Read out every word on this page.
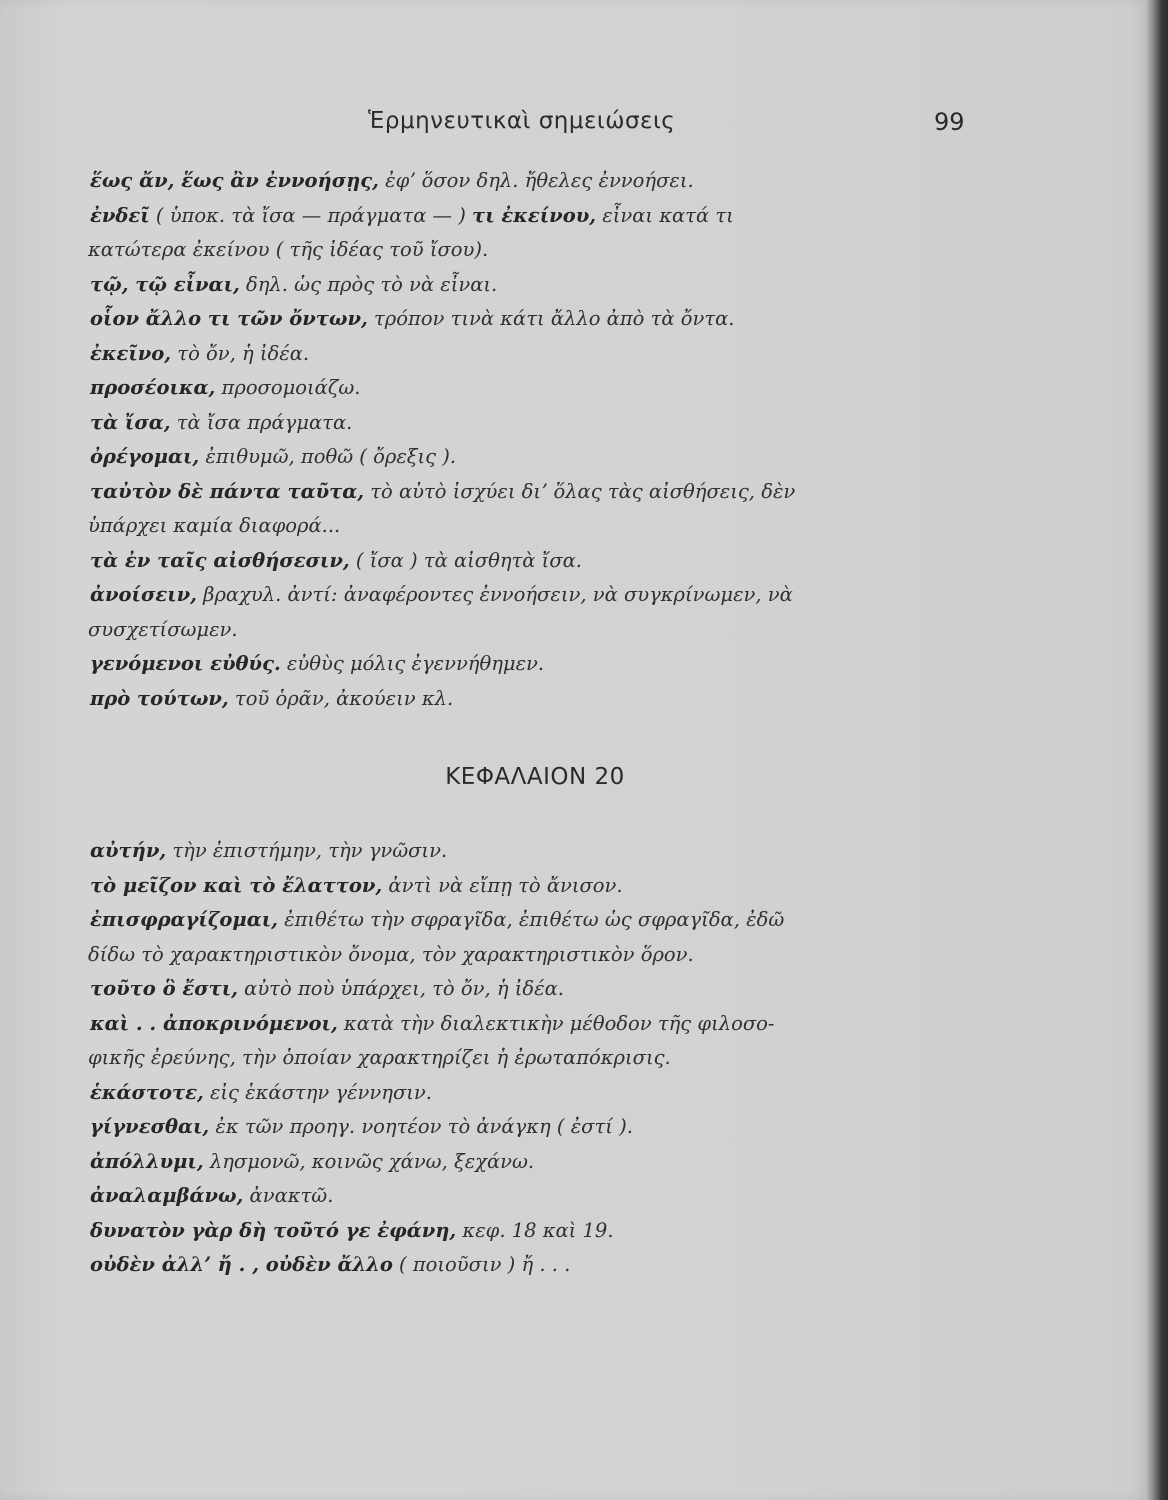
Ἑρμηνευτικαὶ σημειώσεις	99
ἕως ἄν, ἕως ἂν ἐννοήσῃς, ἐφʼ ὅσον δηλ. ἤθελες ἐννοήσει.
ἐνδεῖ ( ὑποκ. τὰ ἴσα — πράγματα — ) τι ἐκείνου, εἶναι κατά τι
κατώτερα ἐκείνου ( τῆς ἰδέας τοῦ ἴσου).
τῷ, τῷ εἶναι, δηλ. ὡς πρὸς τὸ νὰ εἶναι.
οἷον ἄλλο τι τῶν ὄντων, τρόπον τινὰ κάτι ἄλλο ἀπὸ τὰ ὄντα.
ἐκεῖνο, τὸ ὄν, ἡ ἰδέα.
προσέοικα, προσομοιάζω.
τὰ ἴσα, τὰ ἴσα πράγματα.
ὀρέγομαι, ἐπιθυμῶ, ποθῶ ( ὄρεξις ).
ταὐτὸν δὲ πάντα ταῦτα, τὸ αὐτὸ ἰσχύει διʼ ὅλας τὰς αἰσθήσεις, δὲν
ὑπάρχει καμία διαφορά...
τὰ ἐν ταῖς αἰσθήσεσιν, ( ἴσα ) τὰ αἰσθητὰ ἴσα.
ἀνοίσειν, βραχυλ. ἀντί: ἀναφέροντες ἐννοήσειν, νὰ συγκρίνωμεν, νὰ
συσχετίσωμεν.
γενόμενοι εὐθύς. εὐθὺς μόλις ἐγεννήθημεν.
πρὸ τούτων, τοῦ ὁρᾶν, ἀκούειν κλ.
ΚΕΦΑΛΑΙΟΝ 20
αὐτήν, τὴν ἐπιστήμην, τὴν γνῶσιν.
τὸ μεῖζον καὶ τὸ ἔλαττον, ἀντὶ νὰ εἴπῃ τὸ ἄνισον.
ἐπισφραγίζομαι, ἐπιθέτω τὴν σφραγῖδα, ἐπιθέτω ὡς σφραγῖδα, ἐδῶ
δίδω τὸ χαρακτηριστικὸν ὄνομα, τὸν χαρακτηριστικὸν ὅρον.
τοῦτο ὃ ἔστι, αὐτὸ ποὺ ὑπάρχει, τὸ ὄν, ἡ ἰδέα.
καὶ . . ἀποκρινόμενοι, κατὰ τὴν διαλεκτικὴν μέθοδον τῆς φιλοσο-
φικῆς ἐρεύνης, τὴν ὁποίαν χαρακτηρίζει ἡ ἐρωταπόκρισις.
ἑκάστοτε, εἰς ἑκάστην γέννησιν.
γίγνεσθαι, ἐκ τῶν προηγ. νοητέον τὸ ἀνάγκη ( ἐστί ).
ἀπόλλυμι, λησμονῶ, κοινῶς χάνω, ξεχάνω.
ἀναλαμβάνω, ἀνακτῶ.
δυνατὸν γὰρ δὴ τοῦτό γε ἐφάνη, κεφ. 18 καὶ 19.
οὐδὲν ἀλλʼ ἤ . , οὐδὲν ἄλλο ( ποιοῦσιν ) ἤ . . .
